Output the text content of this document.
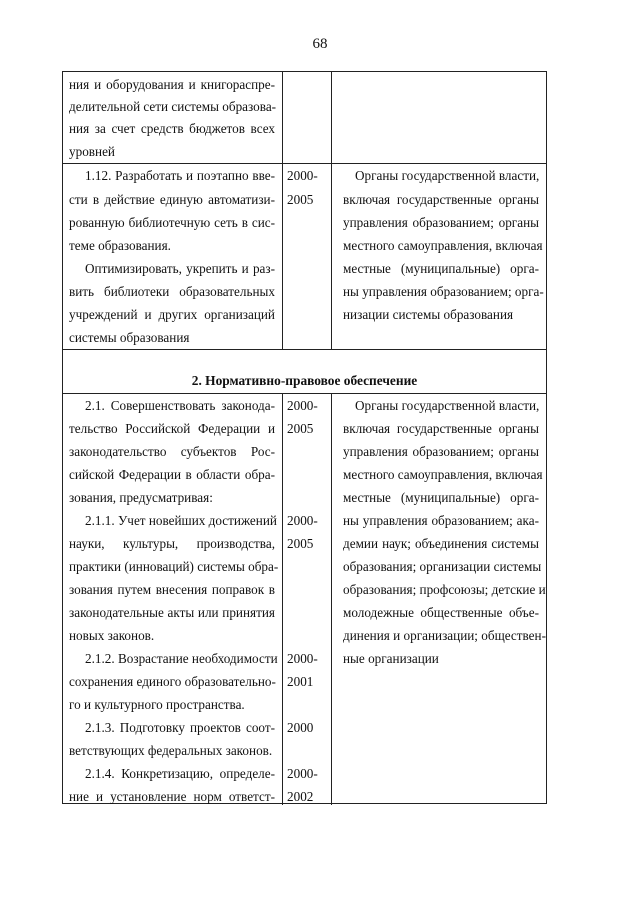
68
ния и оборудования и книгораспре-
делительной сети системы образова-
ния за счет средств бюджетов всех
уровней
1.12. Разработать и поэтапно вве-
сти в действие единую автоматизи-
рованную библиотечную сеть в сис-
теме образования.
Оптимизировать, укрепить и раз-
вить библиотеки образовательных
учреждений и других организаций
системы образования
2000-
2005
Органы государственной власти,
включая государственные органы
управления образованием; органы
местного самоуправления, включая
местные (муниципальные) орга-
ны управления образованием; орга-
низации системы образования
2. Нормативно-правовое обеспечение
2.1. Совершенствовать законода-
тельство Российской Федерации и
законодательство субъектов Рос-
сийской Федерации в области обра-
зования, предусматривая:
2.1.1. Учет новейших достижений
науки, культуры, производства,
практики (инноваций) системы обра-
зования путем внесения поправок в
законодательные акты или принятия
новых законов.
2.1.2. Возрастание необходимости
сохранения единого образовательно-
го и культурного пространства.
2.1.3. Подготовку проектов соот-
ветствующих федеральных законов.
2.1.4. Конкретизацию, определе-
ние и установление норм ответст-
2000-
2005
2000-
2005
2000-
2001
2000
2000-
2002
Органы государственной власти,
включая государственные органы
управления образованием; органы
местного самоуправления, включая
местные (муниципальные) орга-
ны управления образованием; ака-
демии наук; объединения системы
образования; организации системы
образования; профсоюзы; детские и
молодежные общественные объе-
динения и организации; обществен-
ные организации
